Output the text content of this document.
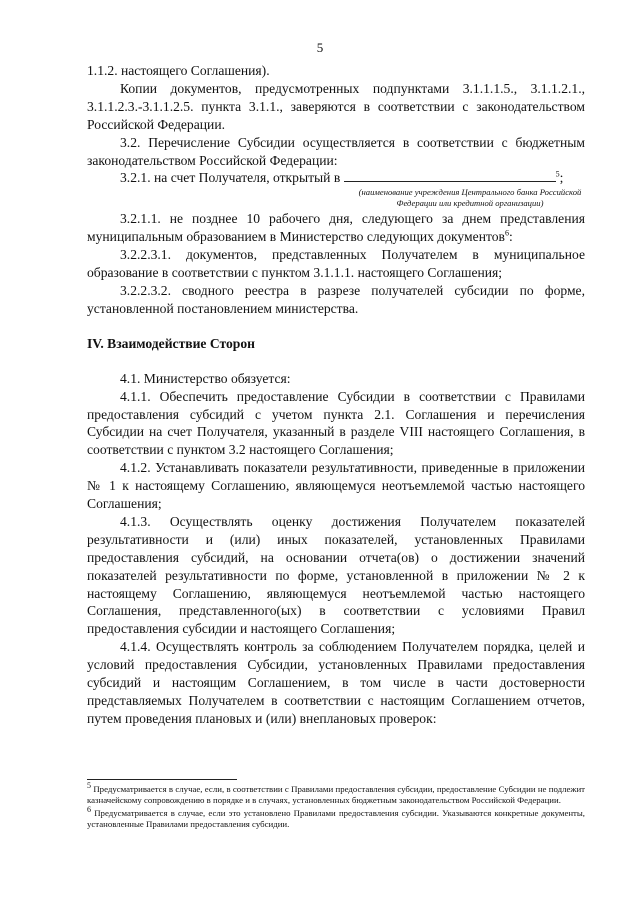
5

1.1.2. настоящего Соглашения).

Копии документов, предусмотренных подпунктами 3.1.1.1.5., 3.1.1.2.1., 3.1.1.2.3.-3.1.1.2.5. пункта 3.1.1., заверяются в соответствии с законодательством Российской Федерации.

3.2. Перечисление Субсидии осуществляется в соответствии с бюджетным законодательством Российской Федерации:

3.2.1. на счет Получателя, открытый в	$^5$;

(наименование учреждения Центрального банка Российской Федерации или кредитной организации)

3.2.1.1. не позднее 10 рабочего дня, следующего за днем представления муниципальным образованием в Министерство следующих документов$^6$:

3.2.2.3.1. документов, представленных Получателем в муниципальное образование в соответствии с пунктом 3.1.1.1. настоящего Соглашения;

3.2.2.3.2. сводного реестра в разрезе получателей субсидии по форме, установленной постановлением министерства.

IV. Взаимодействие Сторон

4.1. Министерство обязуется:

4.1.1. Обеспечить предоставление Субсидии в соответствии с Правилами предоставления субсидий с учетом пункта 2.1. Соглашения и перечисления Субсидии на счет Получателя, указанный в разделе VIII настоящего Соглашения, в соответствии с пунктом 3.2 настоящего Соглашения;

4.1.2. Устанавливать показатели результативности, приведенные в приложении № 1 к настоящему Соглашению, являющемуся неотъемлемой частью настоящего Соглашения;

4.1.3. Осуществлять оценку достижения Получателем показателей результативности и (или) иных показателей, установленных Правилами предоставления субсидий, на основании отчета(ов) о достижении значений показателей результативности по форме, установленной в приложении № 2 к настоящему Соглашению, являющемуся неотъемлемой частью настоящего Соглашения, представленного(ых) в соответствии с условиями Правил предоставления субсидии и настоящего Соглашения;

4.1.4. Осуществлять контроль за соблюдением Получателем порядка, целей и условий предоставления Субсидии, установленных Правилами предоставления субсидий и настоящим Соглашением, в том числе в части достоверности представляемых Получателем в соответствии с настоящим Соглашением отчетов, путем проведения плановых и (или) внеплановых проверок:

$^5$ Предусматривается в случае, если, в соответствии с Правилами предоставления субсидии, предоставление Субсидии не подлежит казначейскому сопровождению в порядке и в случаях, установленных бюджетным законодательством Российской Федерации.

$^6$ Предусматривается в случае, если это установлено Правилами предоставления субсидии. Указываются конкретные документы, установленные Правилами предоставления субсидии.
